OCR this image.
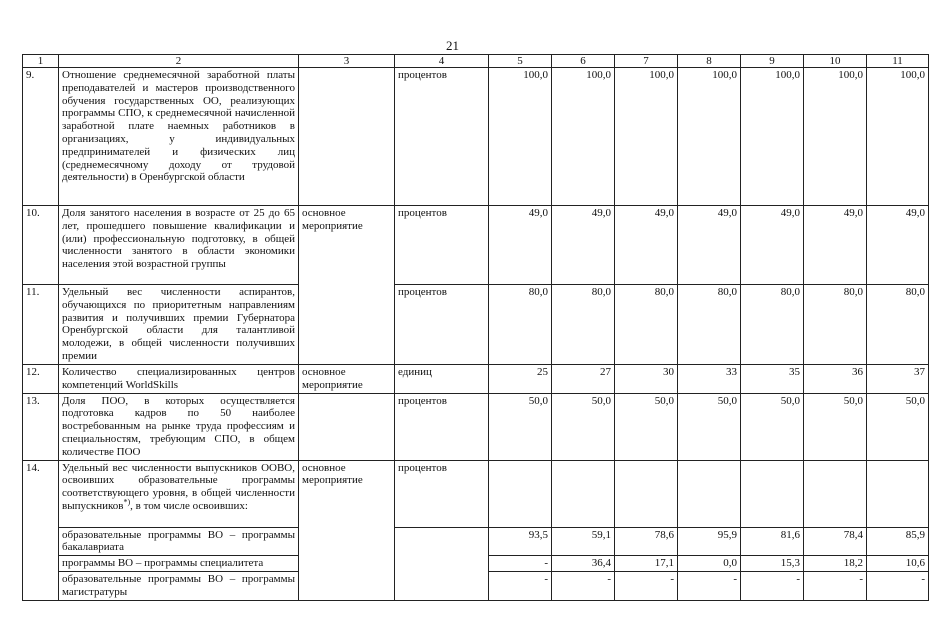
21
1	2	3	4	5	6	7	8	9	10	11
9.	Отношение среднемесячной заработной платы преподавателей и мастеров производственного обучения государственных ОО, реализующих программы СПО, к среднемесячной начисленной заработной плате наемных работников в организациях, у индивидуальных предпринимателей и физических лиц (среднемесячному доходу от трудовой деятельности) в Оренбургской области		процентов	100,0	100,0	100,0	100,0	100,0	100,0	100,0
10.	Доля занятого населения в возрасте от 25 до 65 лет, прошедшего повышение квалификации и (или) профессиональную подготовку, в общей численности занятого в области экономики населения этой возрастной группы	основное мероприятие	процентов	49,0	49,0	49,0	49,0	49,0	49,0	49,0
11.	Удельный вес численности аспирантов, обучающихся по приоритетным направлениям развития и получивших премии Губернатора Оренбургской области для талантливой молодежи, в общей численности получивших премии		процентов	80,0	80,0	80,0	80,0	80,0	80,0	80,0
12.	Количество специализированных центров компетенций WorldSkills	основное мероприятие	единиц	25	27	30	33	35	36	37
13.	Доля ПОО, в которых осуществляется подготовка кадров по 50 наиболее востребованным на рынке труда профессиям и специальностям, требующим СПО, в общем количестве ПОО		процентов	50,0	50,0	50,0	50,0	50,0	50,0	50,0
14.	Удельный вес численности выпускников ООВО, освоивших образовательные программы соответствующего уровня, в общей численности выпускников*), в том числе освоивших:	основное мероприятие	процентов							
	образовательные программы ВО – программы бакалавриата			93,5	59,1	78,6	95,9	81,6	78,4	85,9
	программы ВО – программы специалитета			-	36,4	17,1	0,0	15,3	18,2	10,6
	образовательные программы ВО – программы магистратуры			-	-	-	-	-	-	-
